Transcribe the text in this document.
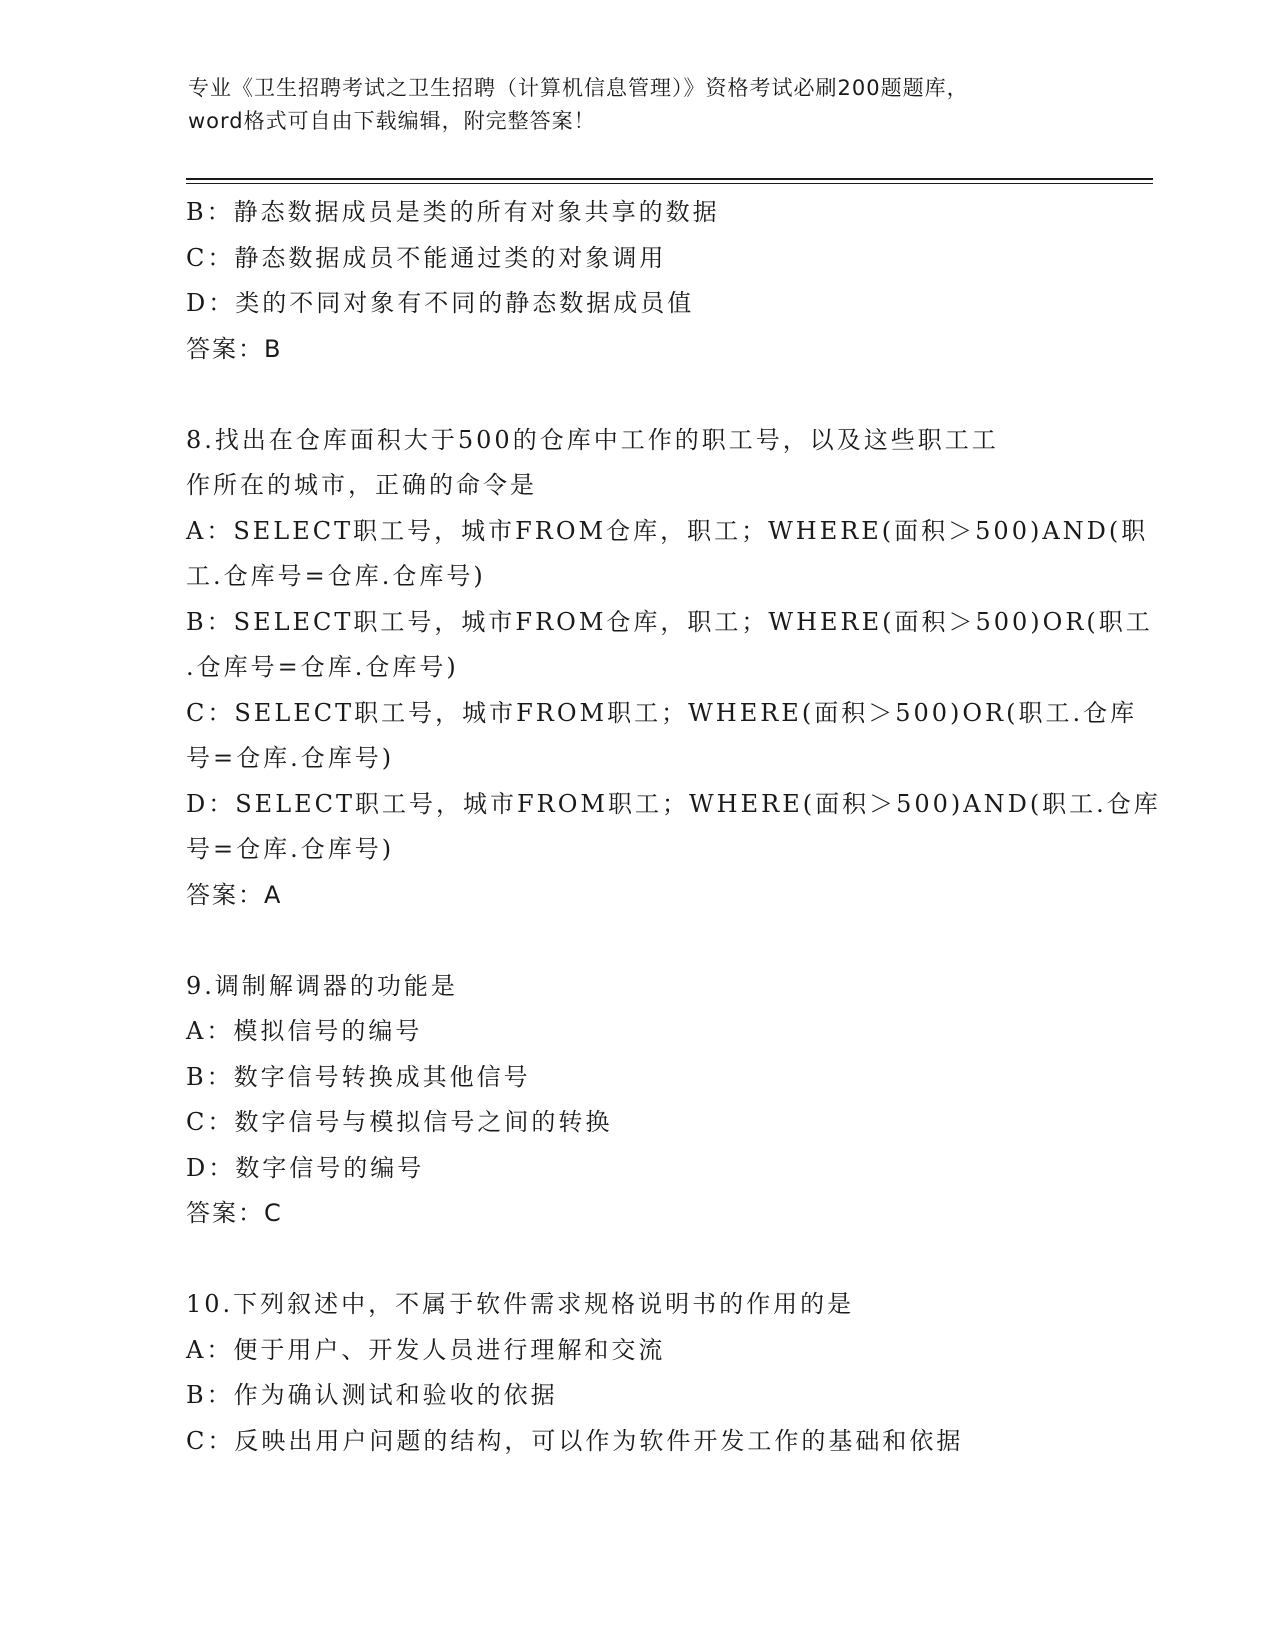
专业《卫生招聘考试之卫生招聘（计算机信息管理）》资格考试必刷200题题库，
word格式可自由下载编辑，附完整答案！
B：静态数据成员是类的所有对象共享的数据
C：静态数据成员不能通过类的对象调用
D：类的不同对象有不同的静态数据成员值
答案：B
8.找出在仓库面积大于500的仓库中工作的职工号，以及这些职工工
作所在的城市，正确的命令是
A：SELECT职工号，城市FROM仓库，职工；WHERE(面积＞500)AND(职
工.仓库号=仓库.仓库号)
B：SELECT职工号，城市FROM仓库，职工；WHERE(面积＞500)OR(职工
.仓库号=仓库.仓库号)
C：SELECT职工号，城市FROM职工；WHERE(面积＞500)OR(职工.仓库
号=仓库.仓库号)
D：SELECT职工号，城市FROM职工；WHERE(面积＞500)AND(职工.仓库
号=仓库.仓库号)
答案：A
9.调制解调器的功能是
A：模拟信号的编号
B：数字信号转换成其他信号
C：数字信号与模拟信号之间的转换
D：数字信号的编号
答案：C
10.下列叙述中，不属于软件需求规格说明书的作用的是
A：便于用户、开发人员进行理解和交流
B：作为确认测试和验收的依据
C：反映出用户问题的结构，可以作为软件开发工作的基础和依据
